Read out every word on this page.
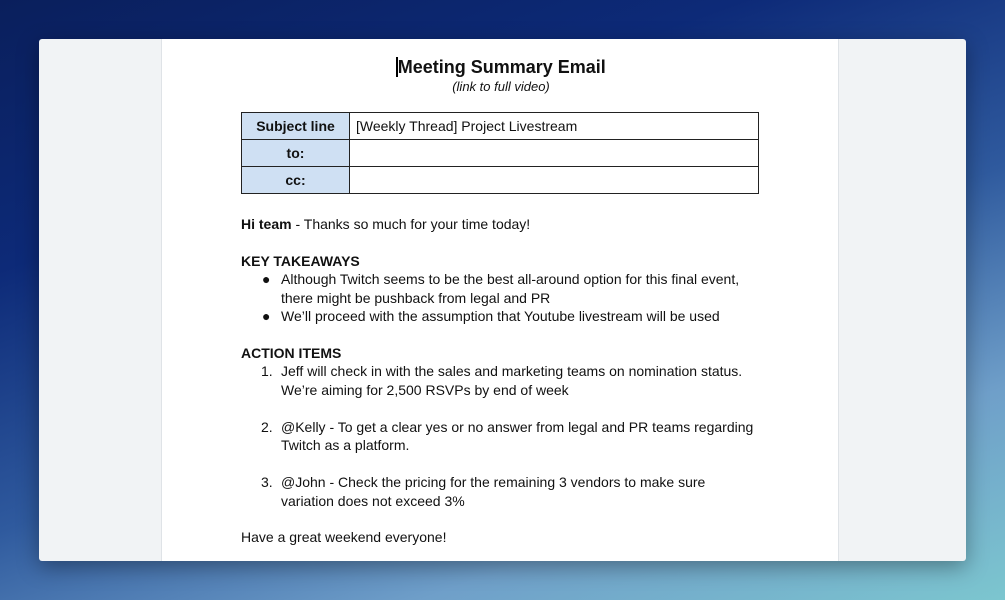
Meeting Summary Email
(link to full video)
Subject line	[Weekly Thread] Project Livestream
to:	
cc:	

Hi team - Thanks so much for your time today!

KEY TAKEAWAYS
● Although Twitch seems to be the best all-around option for this final event, there might be pushback from legal and PR
● We’ll proceed with the assumption that Youtube livestream will be used
ACTION ITEMS
1. Jeff will check in with the sales and marketing teams on nomination status. We’re aiming for 2,500 RSVPs by end of week
2. @Kelly - To get a clear yes or no answer from legal and PR teams regarding Twitch as a platform.
3. @John - Check the pricing for the remaining 3 vendors to make sure variation does not exceed 3%

Have a great weekend everyone!
